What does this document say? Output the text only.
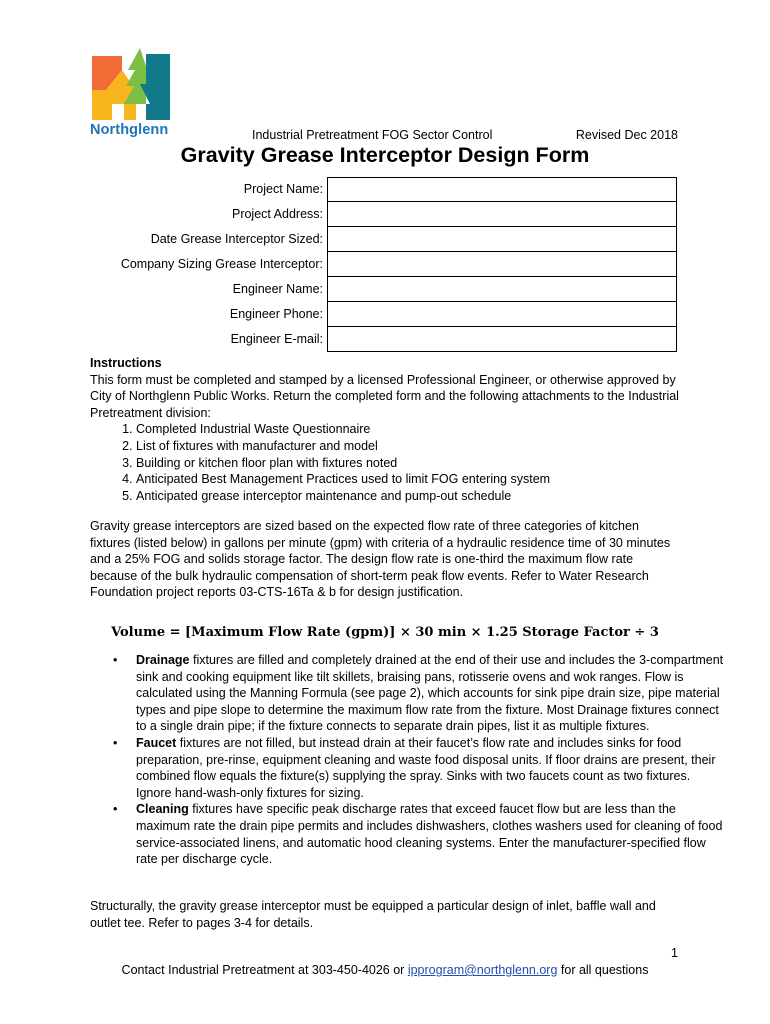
Northglenn	Industrial Pretreatment FOG Sector Control	Revised Dec 2018
Gravity Grease Interceptor Design Form
Project Name:
Project Address:
Date Grease Interceptor Sized:
Company Sizing Grease Interceptor:
Engineer Name:
Engineer Phone:
Engineer E-mail:
Instructions
This form must be completed and stamped by a licensed Professional Engineer, or otherwise approved by City of Northglenn Public Works. Return the completed form and the following attachments to the Industrial Pretreatment division:
1. Completed Industrial Waste Questionnaire
2. List of fixtures with manufacturer and model
3. Building or kitchen floor plan with fixtures noted
4. Anticipated Best Management Practices used to limit FOG entering system
5. Anticipated grease interceptor maintenance and pump-out schedule
Gravity grease interceptors are sized based on the expected flow rate of three categories of kitchen fixtures (listed below) in gallons per minute (gpm) with criteria of a hydraulic residence time of 30 minutes and a 25% FOG and solids storage factor. The design flow rate is one-third the maximum flow rate because of the bulk hydraulic compensation of short-term peak flow events. Refer to Water Research Foundation project reports 03-CTS-16Ta & b for design justification.
Volume = [Maximum Flow Rate (gpm)] × 30 min × 1.25 Storage Factor ÷ 3
• Drainage fixtures are filled and completely drained at the end of their use and includes the 3-compartment sink and cooking equipment like tilt skillets, braising pans, rotisserie ovens and wok ranges. Flow is calculated using the Manning Formula (see page 2), which accounts for sink pipe drain size, pipe material types and pipe slope to determine the maximum flow rate from the fixture. Most Drainage fixtures connect to a single drain pipe; if the fixture connects to separate drain pipes, list it as multiple fixtures.
• Faucet fixtures are not filled, but instead drain at their faucet’s flow rate and includes sinks for food preparation, pre-rinse, equipment cleaning and waste food disposal units. If floor drains are present, their combined flow equals the fixture(s) supplying the spray. Sinks with two faucets count as two fixtures. Ignore hand-wash-only fixtures for sizing.
• Cleaning fixtures have specific peak discharge rates that exceed faucet flow but are less than the maximum rate the drain pipe permits and includes dishwashers, clothes washers used for cleaning of food service-associated linens, and automatic hood cleaning systems. Enter the manufacturer-specified flow rate per discharge cycle.
Structurally, the gravity grease interceptor must be equipped a particular design of inlet, baffle wall and outlet tee. Refer to pages 3-4 for details.
1
Contact Industrial Pretreatment at 303-450-4026 or ipprogram@northglenn.org for all questions
